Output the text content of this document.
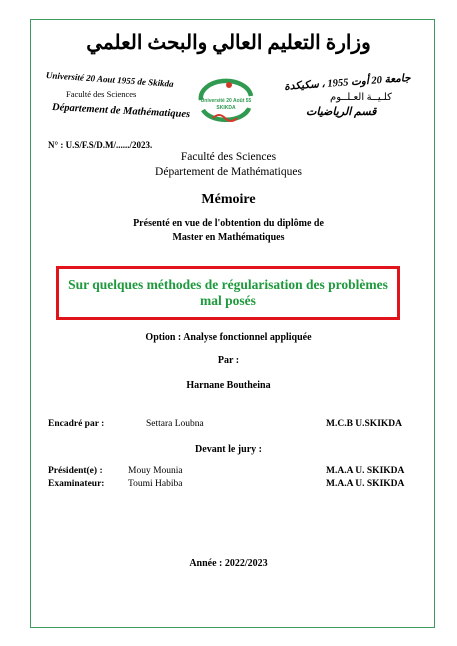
وزارة التعليم العالي والبحث العلمي
Université 20 Aout 1955 de Skikda
Faculté des Sciences
Département de Mathématiques
Université 20 Août 55
SKIKDA
جامعة 20 أوت 1955 ، سكيكدة
كلـيــة العـلــوم
قسم الرياضيات
N° : U.S/F.S/D.M/....../2023.
Faculté des Sciences
Département de Mathématiques
Mémoire
Présenté en vue de l'obtention du diplôme de
Master en Mathématiques
Sur quelques méthodes de régularisation des problèmes mal posés
Option : Analyse fonctionnel appliquée
Par :
Harnane Boutheina
Encadré par :	Settara Loubna	M.C.B U.SKIKDA
Devant le jury :
Président(e) :	Mouy Mounia	M.A.A U. SKIKDA
Examinateur: Toumi Habiba	M.A.A U. SKIKDA
Année : 2022/2023
